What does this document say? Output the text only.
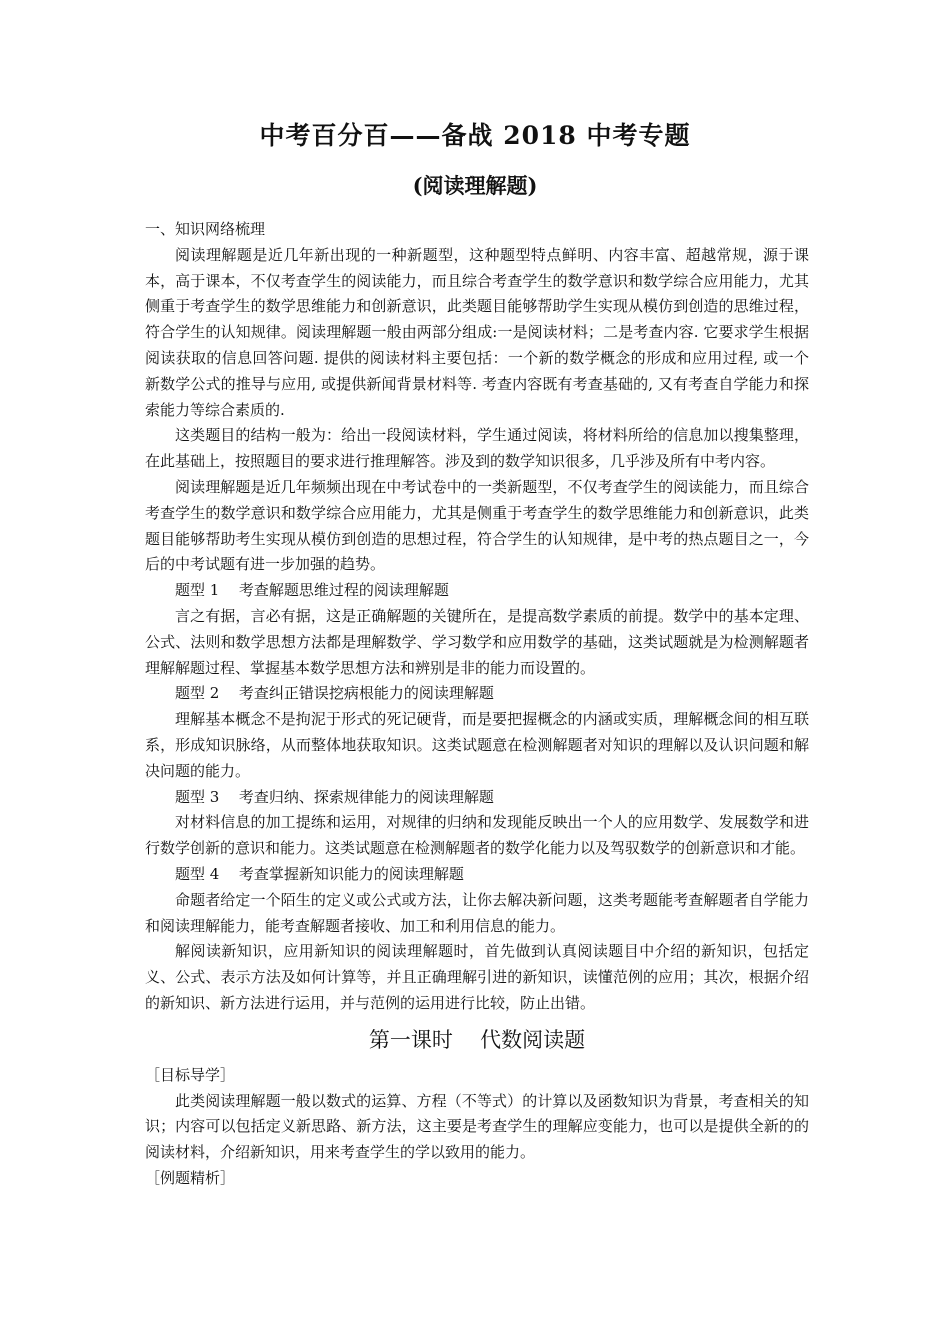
中考百分百——备战 2018 中考专题
(阅读理解题)

一、知识网络梳理

阅读理解题是近几年新出现的一种新题型，这种题型特点鲜明、内容丰富、超越常规，源于课本，高于课本，不仅考查学生的阅读能力，而且综合考查学生的数学意识和数学综合应用能力，尤其侧重于考查学生的数学思维能力和创新意识，此类题目能够帮助学生实现从模仿到创造的思维过程，符合学生的认知规律。阅读理解题一般由两部分组成:一是阅读材料；二是考查内容. 它要求学生根据阅读获取的信息回答问题. 提供的阅读材料主要包括：一个新的数学概念的形成和应用过程, 或一个新数学公式的推导与应用, 或提供新闻背景材料等. 考查内容既有考查基础的, 又有考查自学能力和探索能力等综合素质的.

这类题目的结构一般为：给出一段阅读材料，学生通过阅读，将材料所给的信息加以搜集整理，在此基础上，按照题目的要求进行推理解答。涉及到的数学知识很多，几乎涉及所有中考内容。

阅读理解题是近几年频频出现在中考试卷中的一类新题型，不仅考查学生的阅读能力，而且综合考查学生的数学意识和数学综合应用能力，尤其是侧重于考查学生的数学思维能力和创新意识，此类题目能够帮助考生实现从模仿到创造的思想过程，符合学生的认知规律，是中考的热点题目之一，今后的中考试题有进一步加强的趋势。

题型 1 考查解题思维过程的阅读理解题

言之有据，言必有据，这是正确解题的关键所在，是提高数学素质的前提。数学中的基本定理、公式、法则和数学思想方法都是理解数学、学习数学和应用数学的基础，这类试题就是为检测解题者理解解题过程、掌握基本数学思想方法和辨别是非的能力而设置的。

题型 2 考查纠正错误挖病根能力的阅读理解题

理解基本概念不是拘泥于形式的死记硬背，而是要把握概念的内涵或实质，理解概念间的相互联系，形成知识脉络，从而整体地获取知识。这类试题意在检测解题者对知识的理解以及认识问题和解决问题的能力。

题型 3 考查归纳、探索规律能力的阅读理解题

对材料信息的加工提练和运用，对规律的归纳和发现能反映出一个人的应用数学、发展数学和进行数学创新的意识和能力。这类试题意在检测解题者的数学化能力以及驾驭数学的创新意识和才能。

题型 4 考查掌握新知识能力的阅读理解题

命题者给定一个陌生的定义或公式或方法，让你去解决新问题，这类考题能考查解题者自学能力和阅读理解能力，能考查解题者接收、加工和利用信息的能力。

解阅读新知识，应用新知识的阅读理解题时，首先做到认真阅读题目中介绍的新知识，包括定义、公式、表示方法及如何计算等，并且正确理解引进的新知识，读懂范例的应用；其次，根据介绍的新知识、新方法进行运用，并与范例的运用进行比较，防止出错。

第一课时 代数阅读题

［目标导学］

此类阅读理解题一般以数式的运算、方程（不等式）的计算以及函数知识为背景，考查相关的知识；内容可以包括定义新思路、新方法，这主要是考查学生的理解应变能力，也可以是提供全新的的阅读材料，介绍新知识，用来考查学生的学以致用的能力。

［例题精析］
